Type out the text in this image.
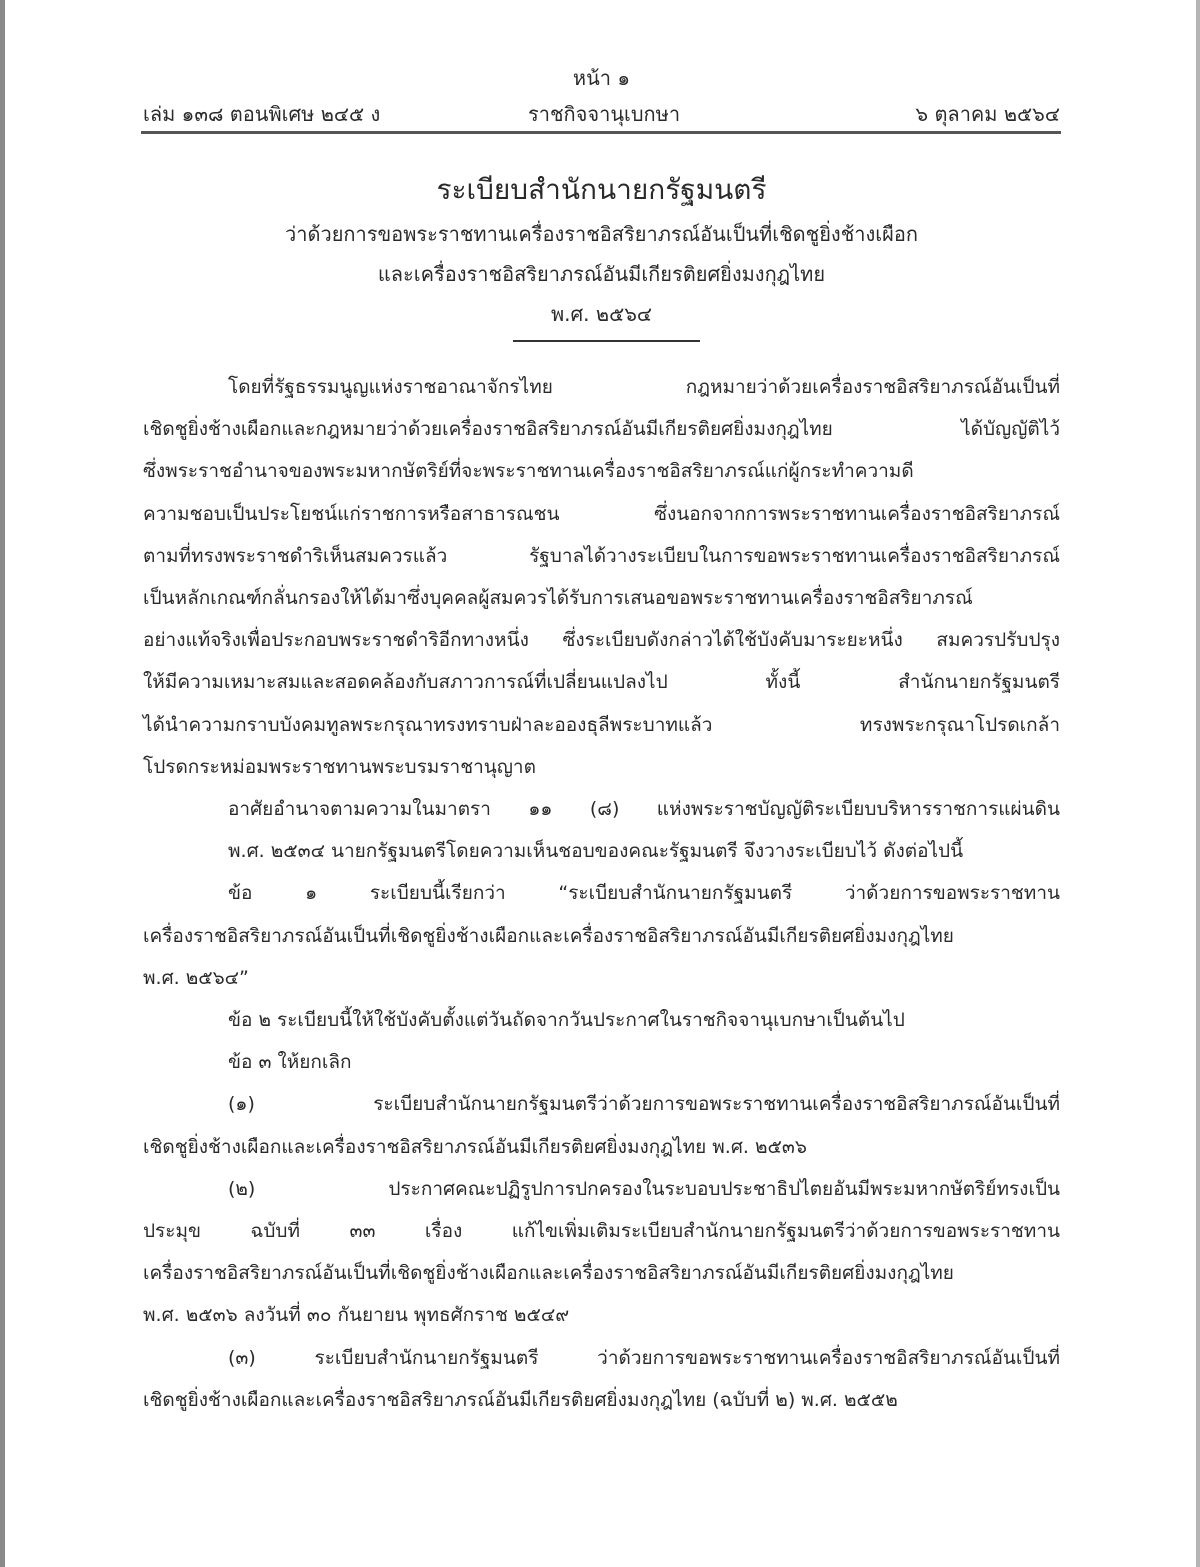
หน้า ๑
เล่ม ๑๓๘ ตอนพิเศษ ๒๔๕ ง	ราชกิจจานุเบกษา	๖ ตุลาคม ๒๕๖๔
ระเบียบสำนักนายกรัฐมนตรี
ว่าด้วยการขอพระราชทานเครื่องราชอิสริยาภรณ์อันเป็นที่เชิดชูยิ่งช้างเผือก
และเครื่องราชอิสริยาภรณ์อันมีเกียรติยศยิ่งมงกุฎไทย
พ.ศ. ๒๕๖๔
โดยที่รัฐธรรมนูญแห่งราชอาณาจักรไทย กฎหมายว่าด้วยเครื่องราชอิสริยาภรณ์อันเป็นที่
เชิดชูยิ่งช้างเผือกและกฎหมายว่าด้วยเครื่องราชอิสริยาภรณ์อันมีเกียรติยศยิ่งมงกุฎไทย ได้บัญญัติไว้
ซึ่งพระราชอำนาจของพระมหากษัตริย์ที่จะพระราชทานเครื่องราชอิสริยาภรณ์แก่ผู้กระทำความดี
ความชอบเป็นประโยชน์แก่ราชการหรือสาธารณชน ซึ่งนอกจากการพระราชทานเครื่องราชอิสริยาภรณ์
ตามที่ทรงพระราชดำริเห็นสมควรแล้ว รัฐบาลได้วางระเบียบในการขอพระราชทานเครื่องราชอิสริยาภรณ์
เป็นหลักเกณฑ์กลั่นกรองให้ได้มาซึ่งบุคคลผู้สมควรได้รับการเสนอขอพระราชทานเครื่องราชอิสริยาภรณ์
อย่างแท้จริงเพื่อประกอบพระราชดำริอีกทางหนึ่ง ซึ่งระเบียบดังกล่าวได้ใช้บังคับมาระยะหนึ่ง สมควรปรับปรุง
ให้มีความเหมาะสมและสอดคล้องกับสภาวการณ์ที่เปลี่ยนแปลงไป ทั้งนี้ สำนักนายกรัฐมนตรี
ได้นำความกราบบังคมทูลพระกรุณาทรงทราบฝ่าละอองธุลีพระบาทแล้ว ทรงพระกรุณาโปรดเกล้า
โปรดกระหม่อมพระราชทานพระบรมราชานุญาต
อาศัยอำนาจตามความในมาตรา ๑๑ (๘) แห่งพระราชบัญญัติระเบียบบริหารราชการแผ่นดิน
พ.ศ. ๒๕๓๔ นายกรัฐมนตรีโดยความเห็นชอบของคณะรัฐมนตรี จึงวางระเบียบไว้ ดังต่อไปนี้
ข้อ ๑ ระเบียบนี้เรียกว่า “ระเบียบสำนักนายกรัฐมนตรี ว่าด้วยการขอพระราชทาน
เครื่องราชอิสริยาภรณ์อันเป็นที่เชิดชูยิ่งช้างเผือกและเครื่องราชอิสริยาภรณ์อันมีเกียรติยศยิ่งมงกุฎไทย
พ.ศ. ๒๕๖๔”
ข้อ ๒ ระเบียบนี้ให้ใช้บังคับตั้งแต่วันถัดจากวันประกาศในราชกิจจานุเบกษาเป็นต้นไป
ข้อ ๓ ให้ยกเลิก
(๑) ระเบียบสำนักนายกรัฐมนตรีว่าด้วยการขอพระราชทานเครื่องราชอิสริยาภรณ์อันเป็นที่
เชิดชูยิ่งช้างเผือกและเครื่องราชอิสริยาภรณ์อันมีเกียรติยศยิ่งมงกุฎไทย พ.ศ. ๒๕๓๖
(๒) ประกาศคณะปฏิรูปการปกครองในระบอบประชาธิปไตยอันมีพระมหากษัตริย์ทรงเป็น
ประมุข ฉบับที่ ๓๓ เรื่อง แก้ไขเพิ่มเติมระเบียบสำนักนายกรัฐมนตรีว่าด้วยการขอพระราชทาน
เครื่องราชอิสริยาภรณ์อันเป็นที่เชิดชูยิ่งช้างเผือกและเครื่องราชอิสริยาภรณ์อันมีเกียรติยศยิ่งมงกุฎไทย
พ.ศ. ๒๕๓๖ ลงวันที่ ๓๐ กันยายน พุทธศักราช ๒๕๔๙
(๓) ระเบียบสำนักนายกรัฐมนตรี ว่าด้วยการขอพระราชทานเครื่องราชอิสริยาภรณ์อันเป็นที่
เชิดชูยิ่งช้างเผือกและเครื่องราชอิสริยาภรณ์อันมีเกียรติยศยิ่งมงกุฎไทย (ฉบับที่ ๒) พ.ศ. ๒๕๕๒
